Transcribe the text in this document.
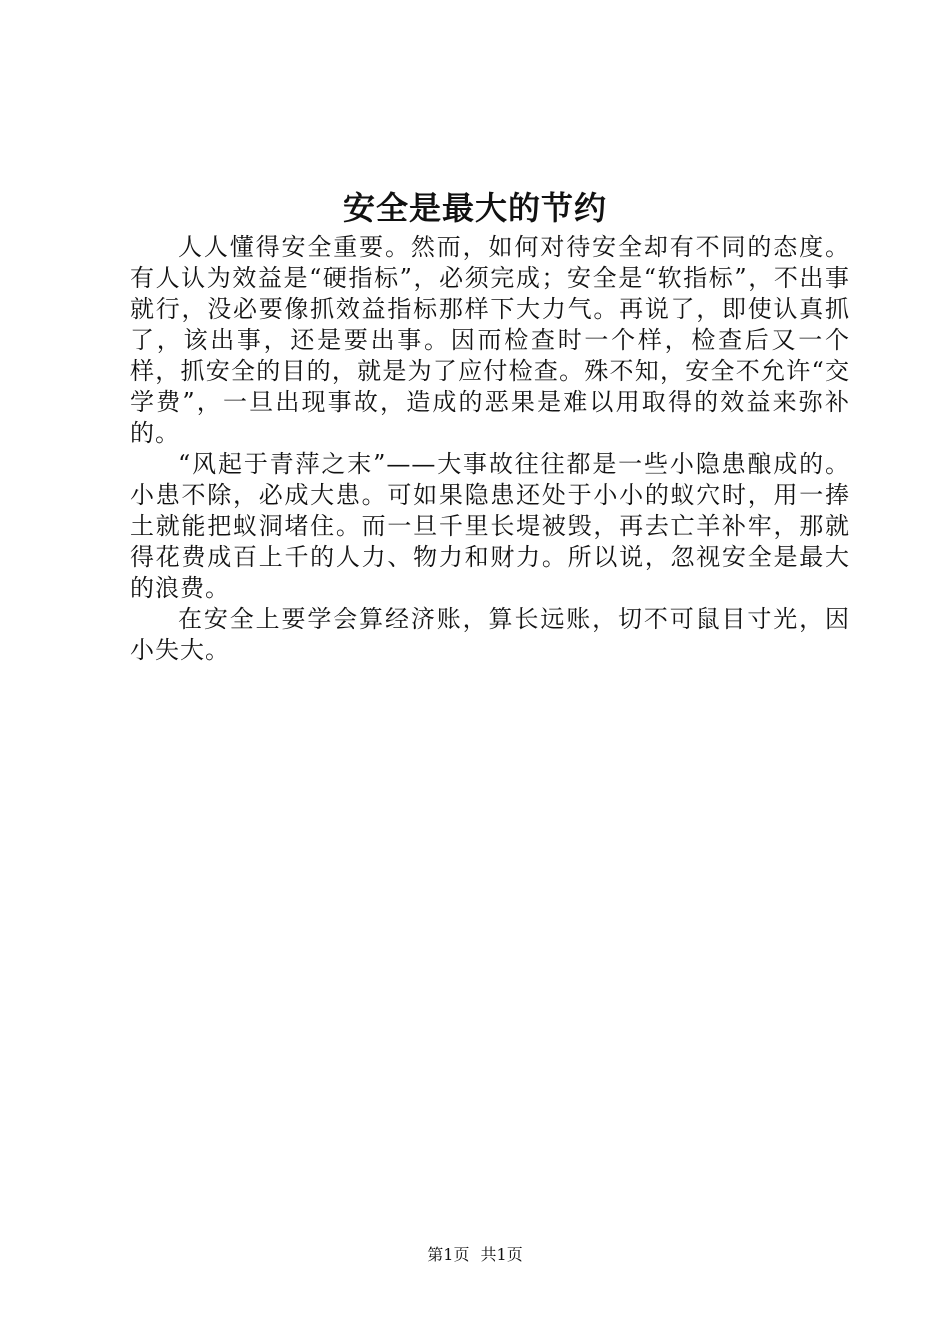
安全是最大的节约

人人懂得安全重要。然而，如何对待安全却有不同的态度。有人认为效益是“硬指标”，必须完成；安全是“软指标”，不出事就行，没必要像抓效益指标那样下大力气。再说了，即使认真抓了，该出事，还是要出事。因而检查时一个样，检查后又一个样，抓安全的目的，就是为了应付检查。殊不知，安全不允许“交学费”，一旦出现事故，造成的恶果是难以用取得的效益来弥补的。

“风起于青萍之末”——大事故往往都是一些小隐患酿成的。小患不除，必成大患。可如果隐患还处于小小的蚁穴时，用一捧土就能把蚁洞堵住。而一旦千里长堤被毁，再去亡羊补牢，那就得花费成百上千的人力、物力和财力。所以说，忽视安全是最大的浪费。

在安全上要学会算经济账，算长远账，切不可鼠目寸光，因小失大。

第1页 共1页
